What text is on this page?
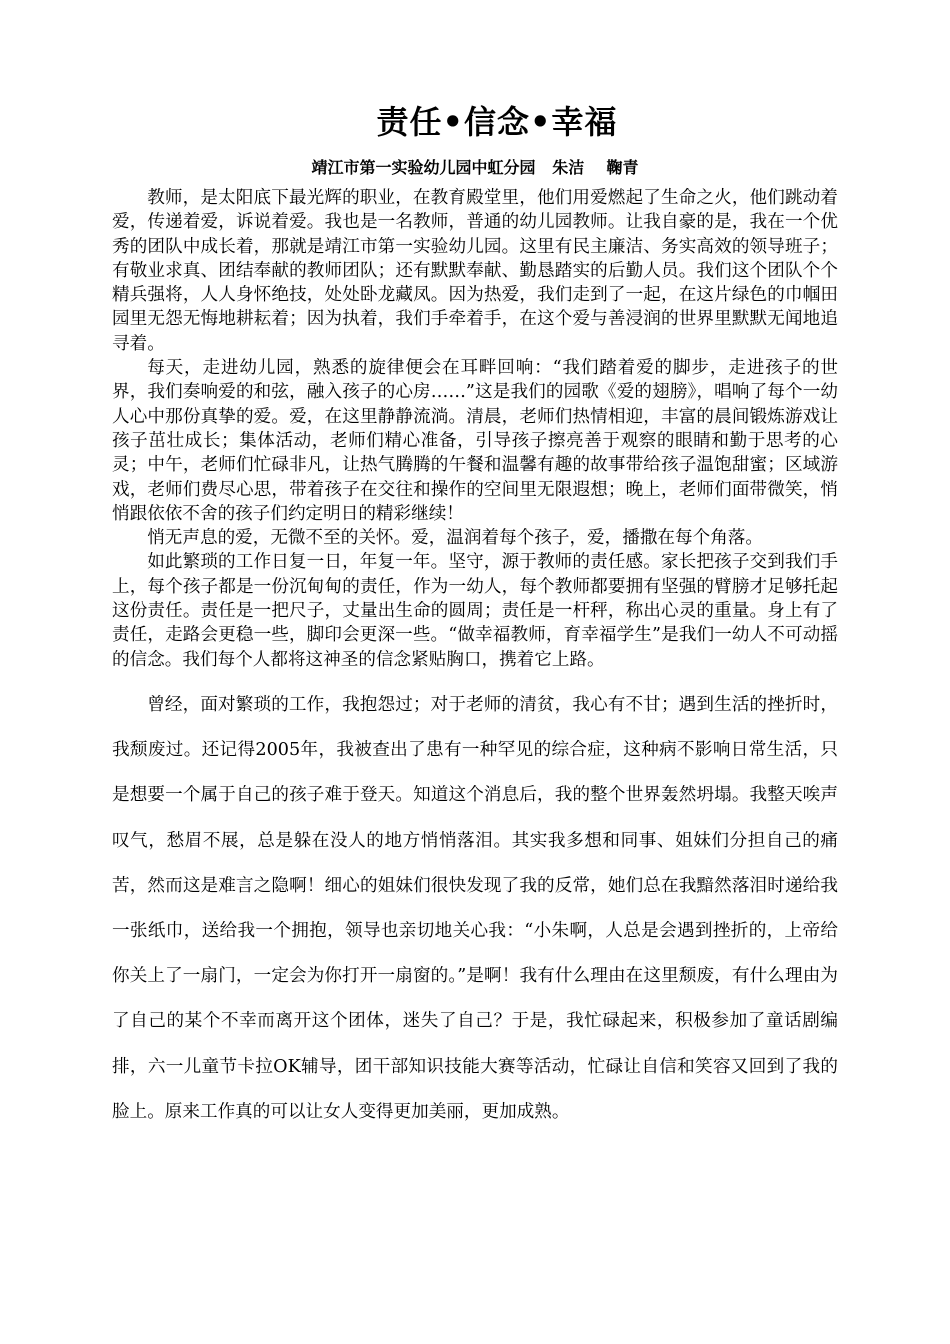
责任•信念•幸福
靖江市第一实验幼儿园中虹分园   朱洁    鞠青

教师，是太阳底下最光辉的职业，在教育殿堂里，他们用爱燃起了生命之火，他们跳动着爱，传递着爱，诉说着爱。我也是一名教师，普通的幼儿园教师。让我自豪的是，我在一个优秀的团队中成长着，那就是靖江市第一实验幼儿园。这里有民主廉洁、务实高效的领导班子；有敬业求真、团结奉献的教师团队；还有默默奉献、勤恳踏实的后勤人员。我们这个团队个个精兵强将，人人身怀绝技，处处卧龙藏凤。因为热爱，我们走到了一起，在这片绿色的巾帼田园里无怨无悔地耕耘着；因为执着，我们手牵着手，在这个爱与善浸润的世界里默默无闻地追寻着。

每天，走进幼儿园，熟悉的旋律便会在耳畔回响：“我们踏着爱的脚步，走进孩子的世界，我们奏响爱的和弦，融入孩子的心房……”这是我们的园歌《爱的翅膀》，唱响了每个一幼人心中那份真挚的爱。爱，在这里静静流淌。清晨，老师们热情相迎，丰富的晨间锻炼游戏让孩子茁壮成长；集体活动，老师们精心准备，引导孩子擦亮善于观察的眼睛和勤于思考的心灵；中午，老师们忙碌非凡，让热气腾腾的午餐和温馨有趣的故事带给孩子温饱甜蜜；区域游戏，老师们费尽心思，带着孩子在交往和操作的空间里无限遐想；晚上，老师们面带微笑，悄悄跟依依不舍的孩子们约定明日的精彩继续！

悄无声息的爱，无微不至的关怀。爱，温润着每个孩子，爱，播撒在每个角落。

如此繁琐的工作日复一日，年复一年。坚守，源于教师的责任感。家长把孩子交到我们手上，每个孩子都是一份沉甸甸的责任，作为一幼人，每个教师都要拥有坚强的臂膀才足够托起这份责任。责任是一把尺子，丈量出生命的圆周；责任是一杆秤，称出心灵的重量。身上有了责任，走路会更稳一些，脚印会更深一些。“做幸福教师，育幸福学生”是我们一幼人不可动摇的信念。我们每个人都将这神圣的信念紧贴胸口，携着它上路。

曾经，面对繁琐的工作，我抱怨过；对于老师的清贫，我心有不甘；遇到生活的挫折时，我颓废过。还记得2005年，我被查出了患有一种罕见的综合症，这种病不影响日常生活，只是想要一个属于自己的孩子难于登天。知道这个消息后，我的整个世界轰然坍塌。我整天唉声叹气，愁眉不展，总是躲在没人的地方悄悄落泪。其实我多想和同事、姐妹们分担自己的痛苦，然而这是难言之隐啊！细心的姐妹们很快发现了我的反常，她们总在我黯然落泪时递给我一张纸巾，送给我一个拥抱，领导也亲切地关心我：“小朱啊，人总是会遇到挫折的，上帝给你关上了一扇门，一定会为你打开一扇窗的。”是啊！我有什么理由在这里颓废，有什么理由为了自己的某个不幸而离开这个团体，迷失了自己？于是，我忙碌起来，积极参加了童话剧编排，六一儿童节卡拉OK辅导，团干部知识技能大赛等活动，忙碌让自信和笑容又回到了我的脸上。原来工作真的可以让女人变得更加美丽，更加成熟。
